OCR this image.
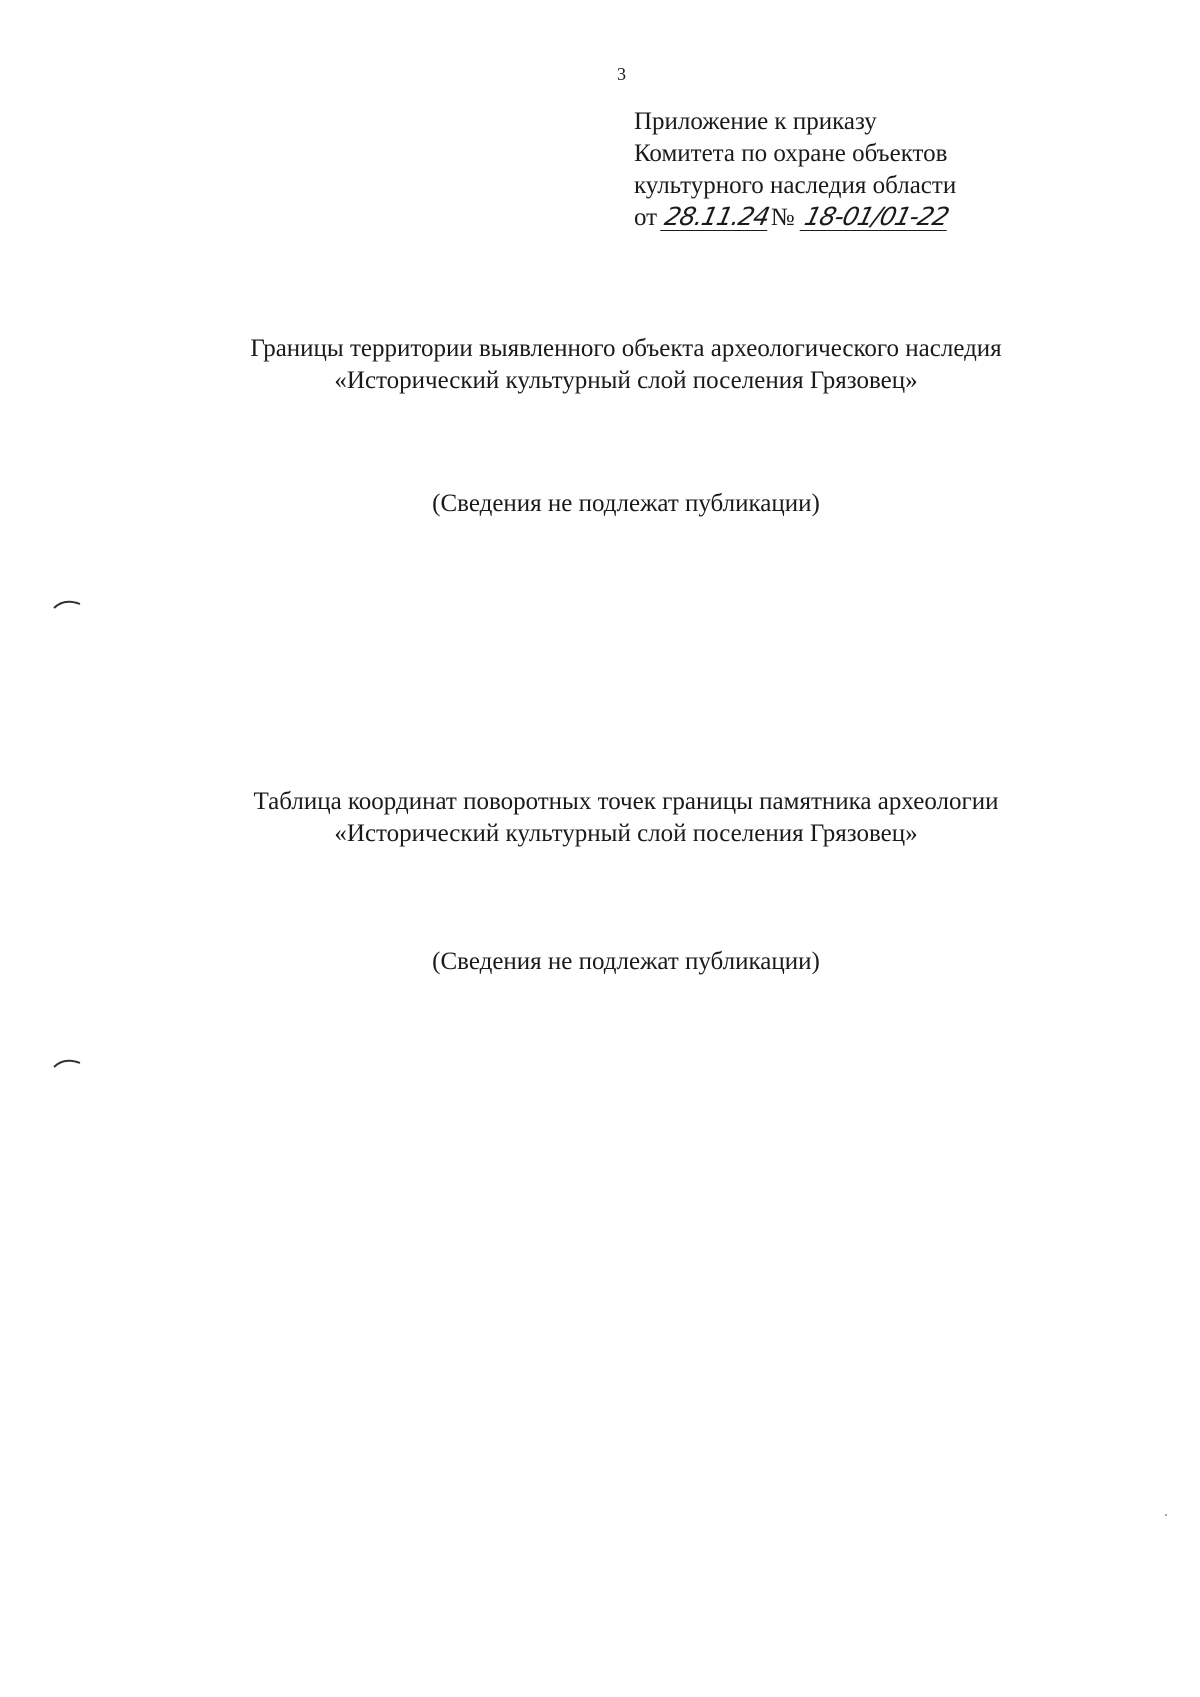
3
Приложение к приказу
Комитета по охране объектов
культурного наследия области
от 28.11.24№ 18-01/01-22
Границы территории выявленного объекта археологического наследия
«Исторический культурный слой поселения Грязовец»
(Сведения не подлежат публикации)
Таблица координат поворотных точек границы памятника археологии
«Исторический культурный слой поселения Грязовец»
(Сведения не подлежат публикации)
